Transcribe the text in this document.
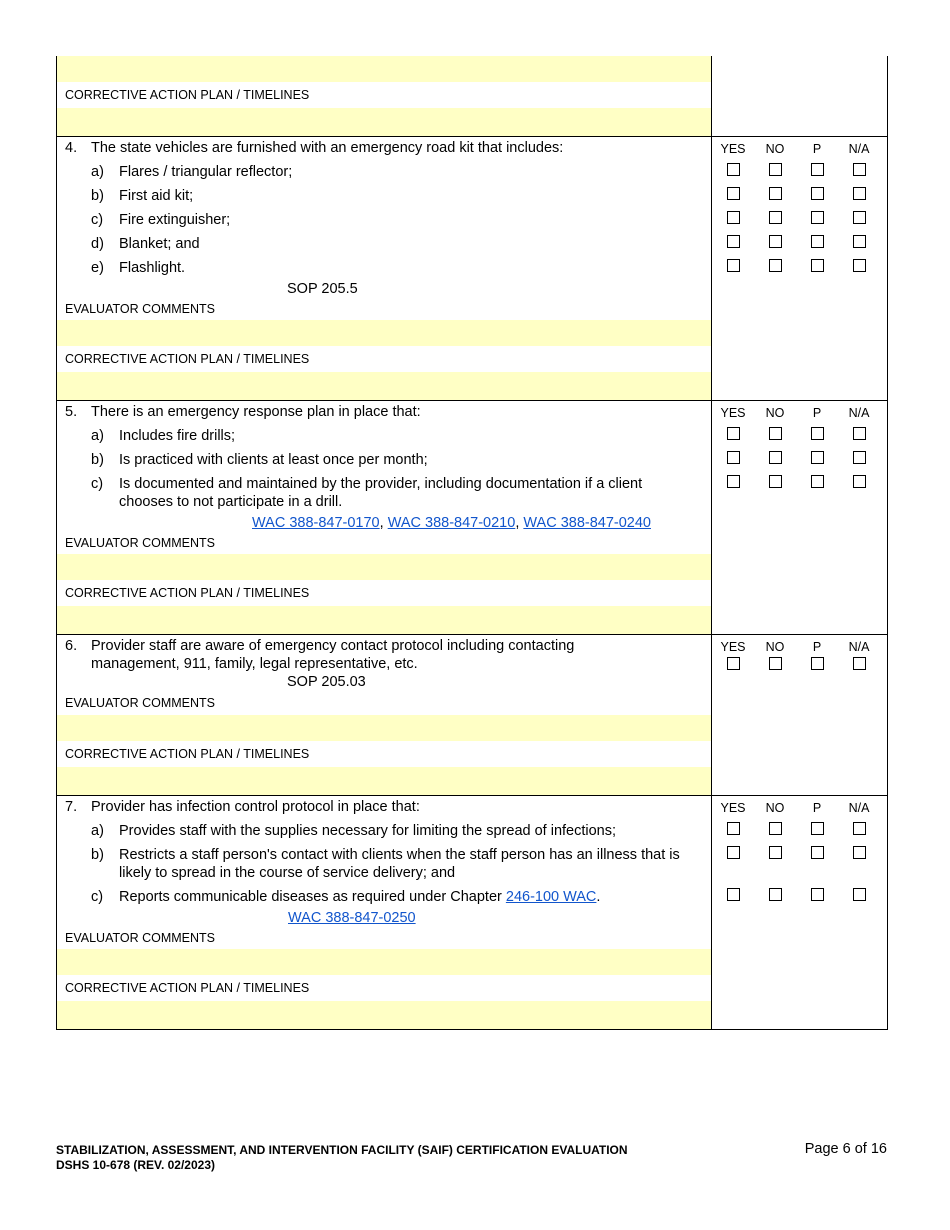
CORRECTIVE ACTION PLAN / TIMELINES
4. The state vehicles are furnished with an emergency road kit that includes:
a)	Flares / triangular reflector;
b)	First aid kit;
c)	Fire extinguisher;
d)	Blanket; and
e)	Flashlight.
SOP 205.5
EVALUATOR COMMENTS
YES	NO	P	N/A
CORRECTIVE ACTION PLAN / TIMELINES
5. There is an emergency response plan in place that:
a)	Includes fire drills;
b)	Is practiced with clients at least once per month;
c)	Is documented and maintained by the provider, including documentation if a client chooses to not participate in a drill.
WAC 388-847-0170, WAC 388-847-0210, WAC 388-847-0240
EVALUATOR COMMENTS
YES	NO	P	N/A
CORRECTIVE ACTION PLAN / TIMELINES
6. Provider staff are aware of emergency contact protocol including contacting management, 911, family, legal representative, etc.
SOP 205.03
EVALUATOR COMMENTS
YES	NO	P	N/A
CORRECTIVE ACTION PLAN / TIMELINES
7. Provider has infection control protocol in place that:
a)	Provides staff with the supplies necessary for limiting the spread of infections;
b)	Restricts a staff person's contact with clients when the staff person has an illness that is likely to spread in the course of service delivery; and
c)	Reports communicable diseases as required under Chapter 246-100 WAC.
WAC 388-847-0250
EVALUATOR COMMENTS
YES	NO	P	N/A
CORRECTIVE ACTION PLAN / TIMELINES
STABILIZATION, ASSESSMENT, AND INTERVENTION FACILITY (SAIF) CERTIFICATION EVALUATION
DSHS 10-678 (REV. 02/2023)
Page 6 of 16
